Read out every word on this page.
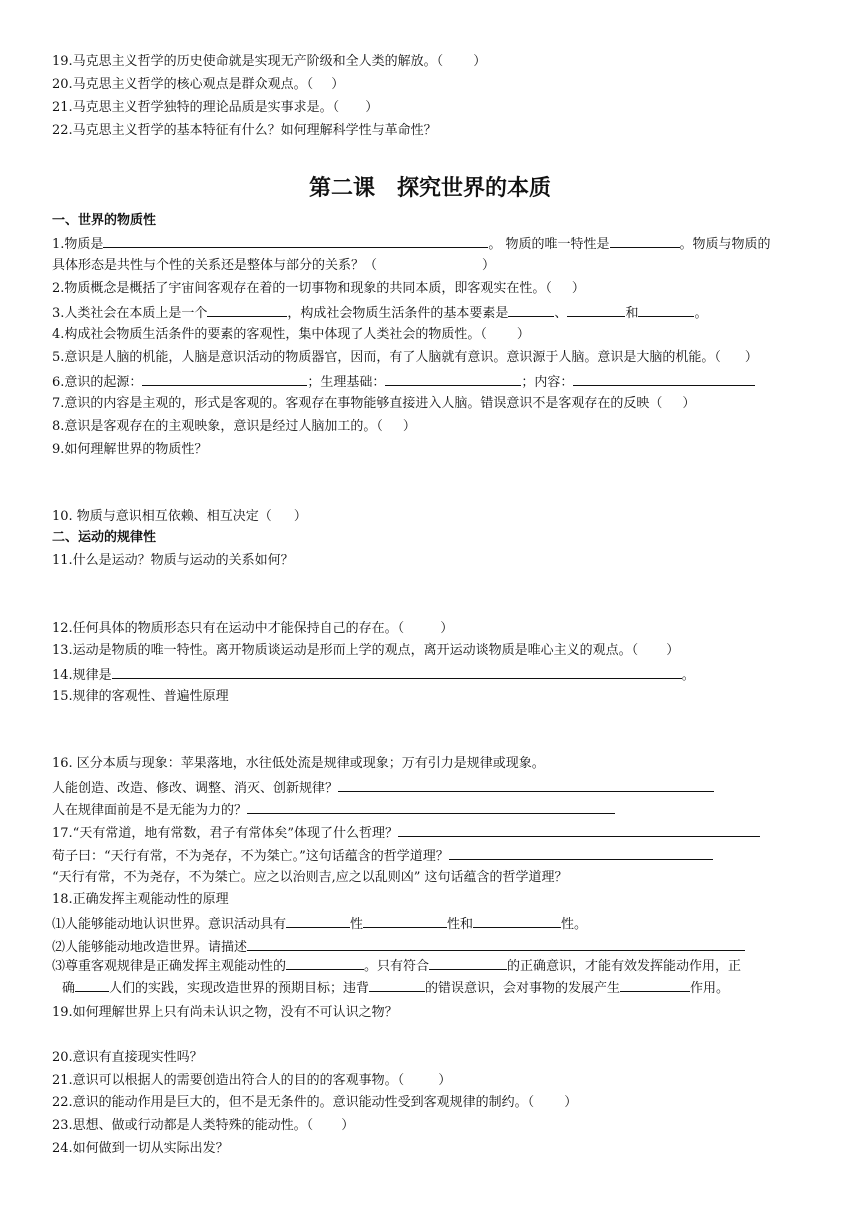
19.马克思主义哲学的历史使命就是实现无产阶级和全人类的解放。（ ）
20.马克思主义哲学的核心观点是群众观点。（ ）
21.马克思主义哲学独特的理论品质是实事求是。（ ）
22.马克思主义哲学的基本特征有什么？如何理解科学性与革命性？
第二课　探究世界的本质
一、世界的物质性
1.物质是	。 物质的唯一特性是	。物质与物质的
具体形态是共性与个性的关系还是整体与部分的关系？（	）
2.物质概念是概括了宇宙间客观存在着的一切事物和现象的共同本质，即客观实在性。（ ）
3.人类社会在本质上是一个	，构成社会物质生活条件的基本要素是	、	和	。
4.构成社会物质生活条件的要素的客观性，集中体现了人类社会的物质性。（ ）
5.意识是人脑的机能，人脑是意识活动的物质器官，因而，有了人脑就有意识。意识源于人脑。意识是大脑的机能。（ ）
6.意识的起源：	；生理基础：	；内容：
7.意识的内容是主观的，形式是客观的。客观存在事物能够直接进入人脑。错误意识不是客观存在的反映（ ）
8.意识是客观存在的主观映象，意识是经过人脑加工的。（ ）
9.如何理解世界的物质性？
10. 物质与意识相互依赖、相互决定（ ）
二、运动的规律性
11.什么是运动？物质与运动的关系如何？
12.任何具体的物质形态只有在运动中才能保持自己的存在。（	）
13.运动是物质的唯一特性。离开物质谈运动是形而上学的观点，离开运动谈物质是唯心主义的观点。（ ）
14.规律是	。
15.规律的客观性、普遍性原理
16. 区分本质与现象：苹果落地，水往低处流是规律或现象；万有引力是规律或现象。
人能创造、改造、修改、调整、消灭、创新规律？
人在规律面前是不是无能为力的？
17.“天有常道，地有常数，君子有常体矣”体现了什么哲理？
荀子曰：“天行有常，不为尧存，不为桀亡。”这句话蕴含的哲学道理？
“天行有常，不为尧存，不为桀亡。应之以治则吉,应之以乱则凶” 这句话蕴含的哲学道理？
18.正确发挥主观能动性的原理
⑴人能够能动地认识世界。意识活动具有	性	性和	性。
⑵人能够能动地改造世界。请描述
⑶尊重客观规律是正确发挥主观能动性的	。只有符合	的正确意识，才能有效发挥能动作用，正
确	人们的实践，实现改造世界的预期目标；违背	的错误意识，会对事物的发展产生	作用。
19.如何理解世界上只有尚未认识之物，没有不可认识之物？
20.意识有直接现实性吗？
21.意识可以根据人的需要创造出符合人的目的的客观事物。（	）
22.意识的能动作用是巨大的，但不是无条件的。意识能动性受到客观规律的制约。（ ）
23.思想、做或行动都是人类特殊的能动性。（ ）
24.如何做到一切从实际出发？
